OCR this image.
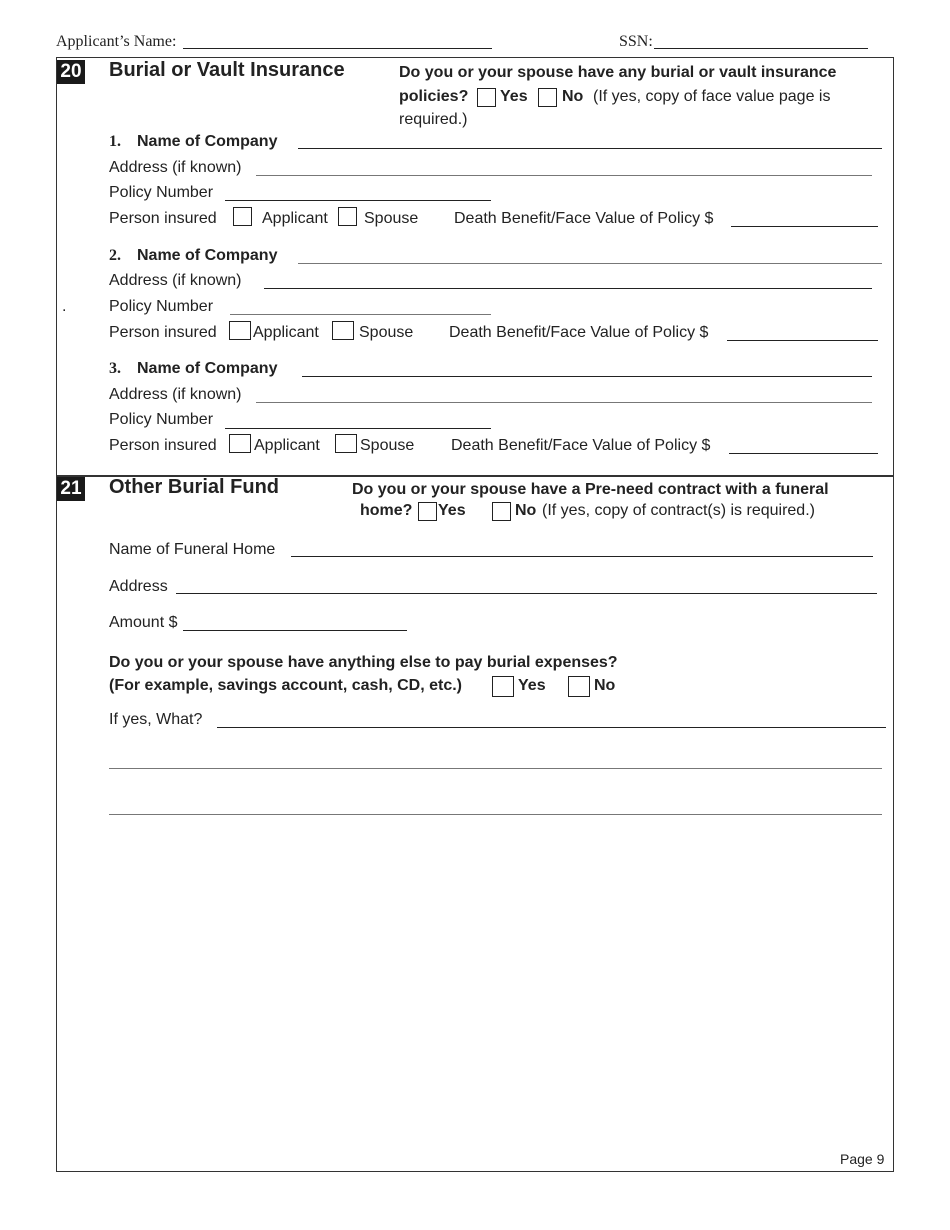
Applicant’s Name:	SSN:
20 Burial or Vault Insurance	Do you or your spouse have any burial or vault insurance
policies? Yes No (If yes, copy of face value page is
required.)
1. Name of Company
Address (if known)
Policy Number
Person insured	Applicant Spouse Death Benefit/Face Value of Policy $
2. Name of Company
Address (if known)
.	Policy Number
Person insured Applicant	Spouse Death Benefit/Face Value of Policy $
3. Name of Company
Address (if known)
Policy Number
Person insured Applicant	Spouse Death Benefit/Face Value of Policy $
21 Other Burial Fund	Do you or your spouse have a Pre-need contract with a funeral
home? Yes	No (If yes, copy of contract(s) is required.)
Name of Funeral Home
Address
Amount $
Do you or your spouse have anything else to pay burial expenses?
(For example, savings account, cash, CD, etc.)	Yes	No
If yes, What?
Page 9
